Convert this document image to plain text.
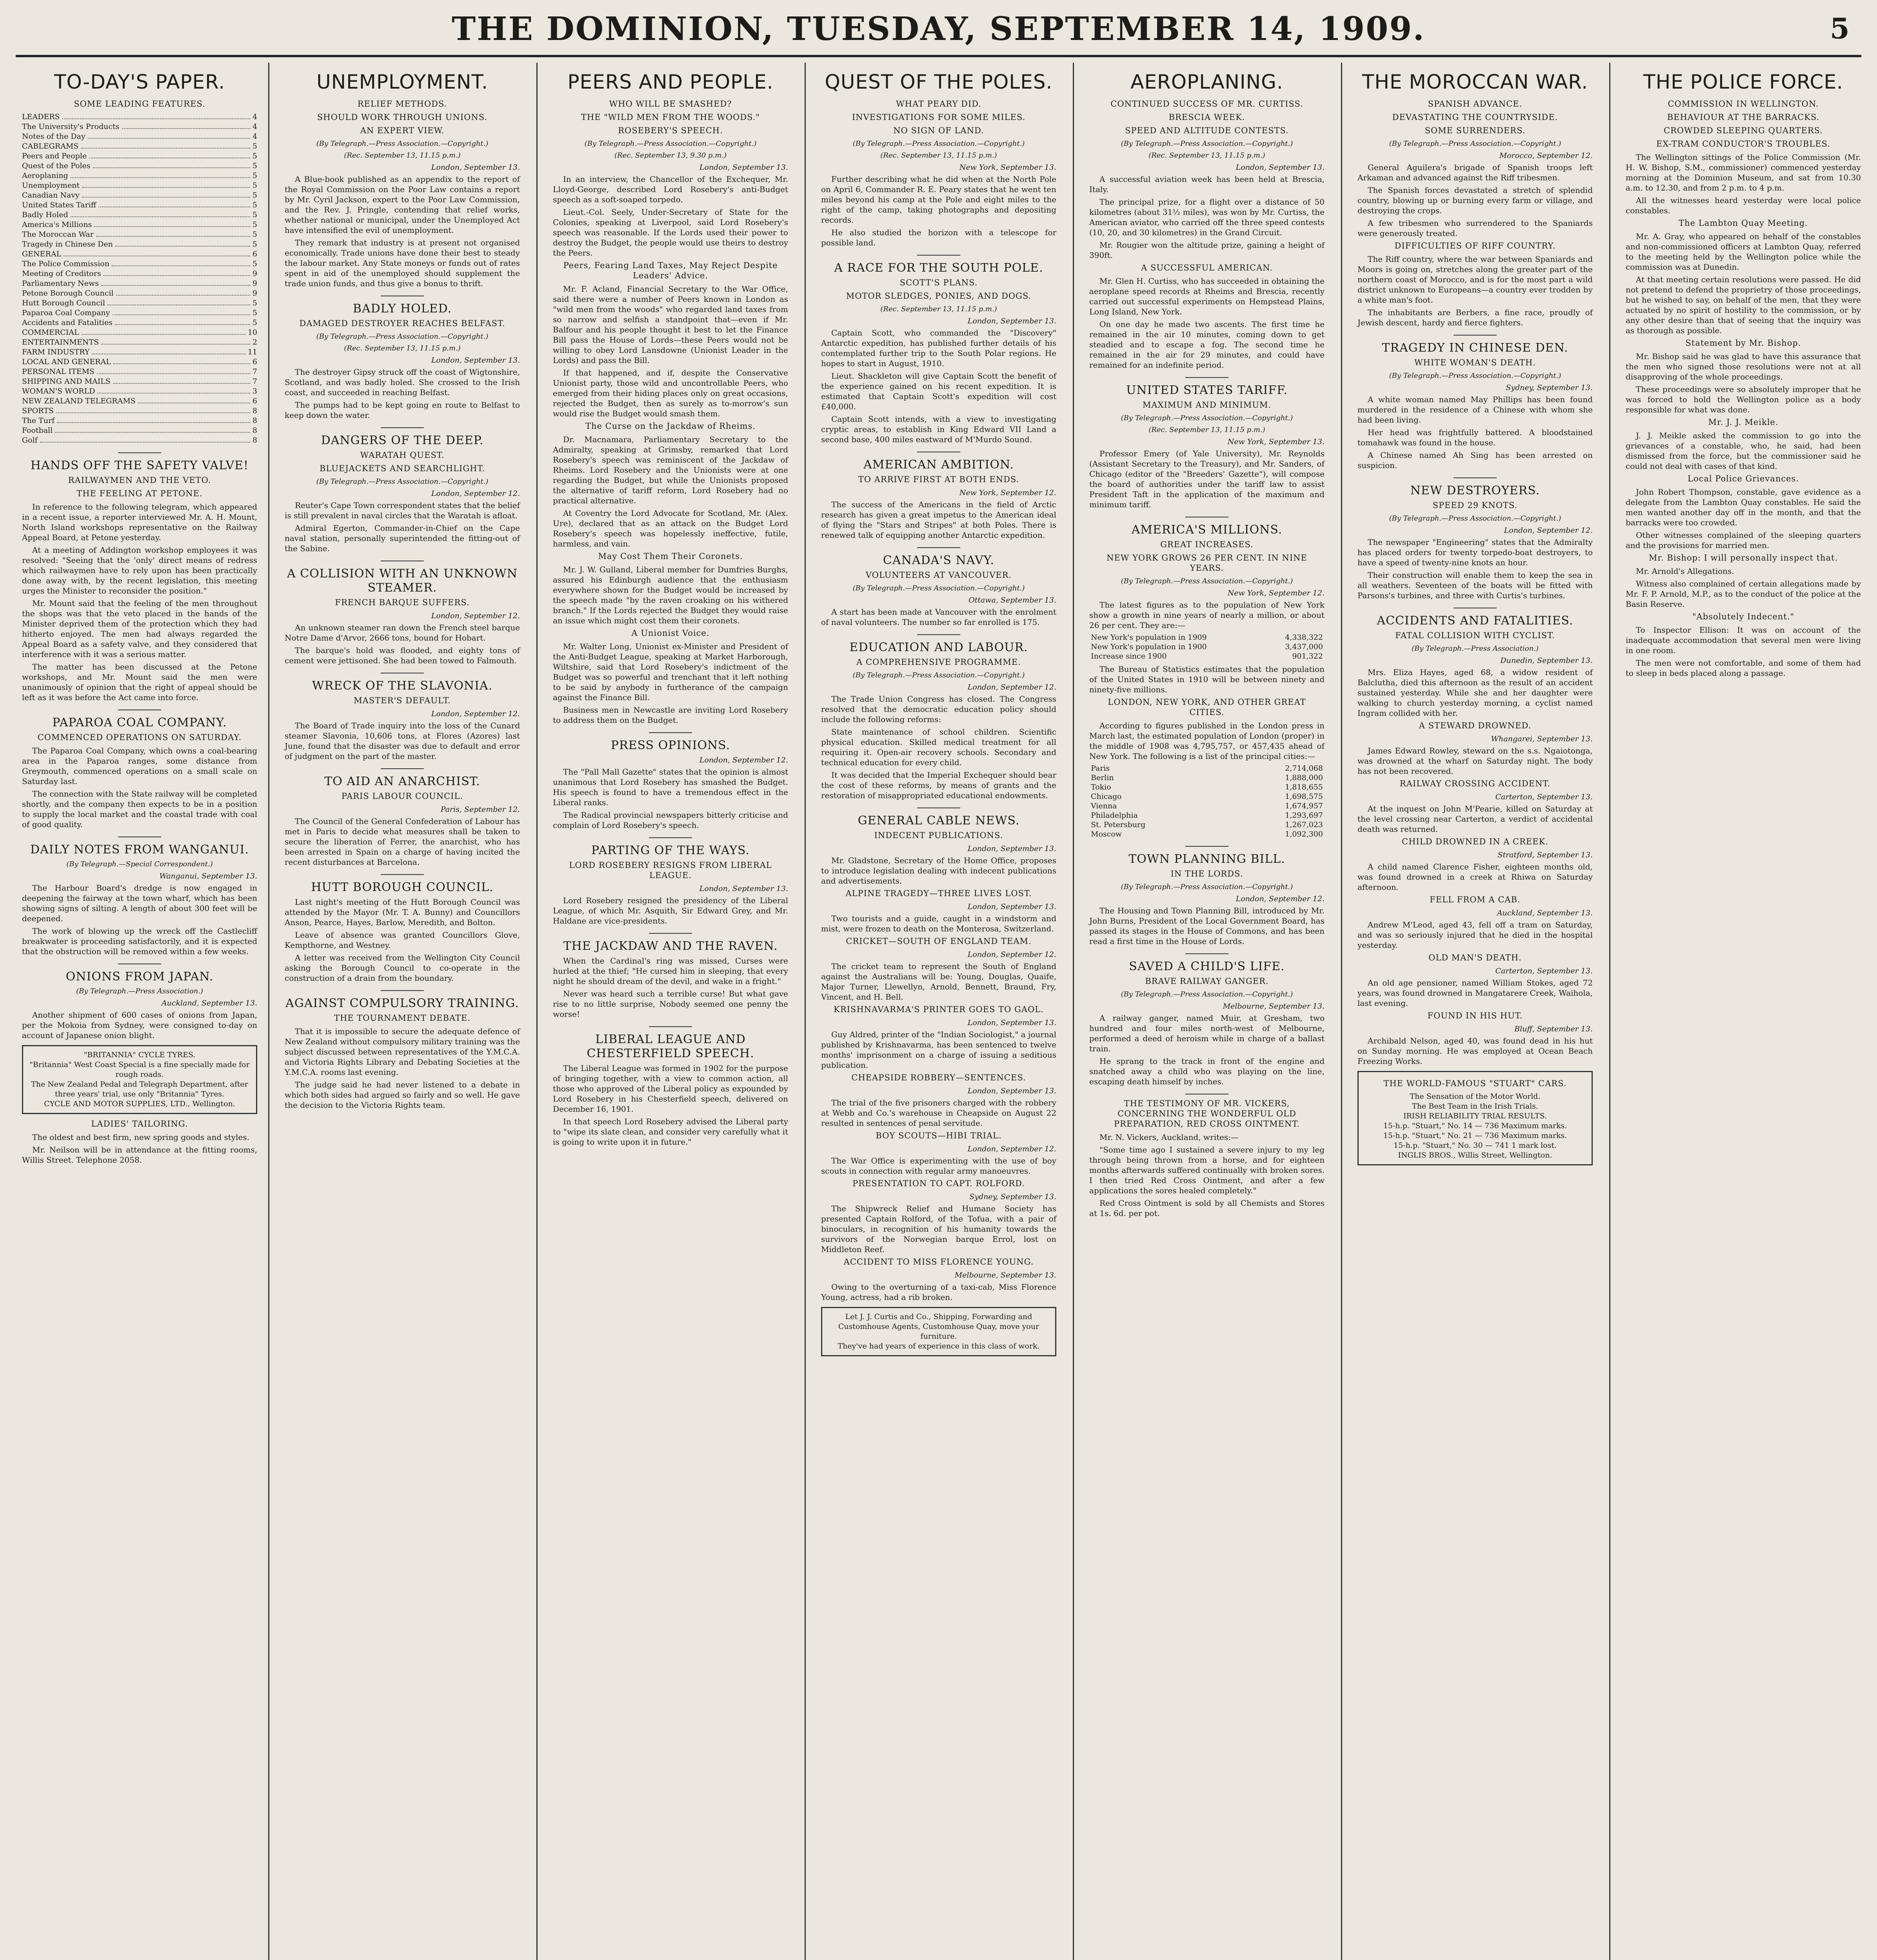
THE DOMINION, TUESDAY, SEPTEMBER 14, 1909.	5
TO-DAY'S PAPER.
SOME LEADING FEATURES.
LEADERS	4
The University's Products	4
Notes of the Day	4
CABLEGRAMS	5
Peers and People	5
Quest of the Poles	5
Aeroplaning	5
Unemployment	5
Canadian Navy	5
United States Tariff	5
Badly Holed	5
America's Millions	5
The Moroccan War	5
Tragedy in Chinese Den	5
GENERAL	6
The Police Commission	5
Meeting of Creditors	9
Parliamentary News	9
Petone Borough Council	9
Hutt Borough Council	5
Paparoa Coal Company	5
Accidents and Fatalities	5
COMMERCIAL	10
ENTERTAINMENTS	2
FARM INDUSTRY	11
LOCAL AND GENERAL	6
PERSONAL ITEMS	7
SHIPPING AND MAILS	7
WOMAN'S WORLD	3
NEW ZEALAND TELEGRAMS	6
SPORTS	8
The Turf	8
Football	8
Golf	8
HANDS OFF THE SAFETY VALVE!
RAILWAYMEN AND THE VETO.
THE FEELING AT PETONE.
In reference to the following telegram, which appeared in a recent issue, a reporter interviewed Mr. A. H. Mount, North Island workshops representative on the Railway Appeal Board, at Petone yesterday.
At a meeting of Addington workshop employees it was resolved: "Seeing that the 'only' direct means of redress which railwaymen have to rely upon has been practically done away with, by the recent legislation, this meeting urges the Minister to reconsider the position."
Mr. Mount said that the feeling of the men throughout the shops was that the veto placed in the hands of the Minister deprived them of the protection which they had hitherto enjoyed. The men had always regarded the Appeal Board as a safety valve, and they considered that interference with it was a serious matter.
The matter has been discussed at the Petone workshops, and Mr. Mount said the men were unanimously of opinion that the right of appeal should be left as it was before the Act came into force.
PAPAROA COAL COMPANY.
COMMENCED OPERATIONS ON SATURDAY.
The Paparoa Coal Company, which owns a coal-bearing area in the Paparoa ranges, some distance from Greymouth, commenced operations on a small scale on Saturday last.
The connection with the State railway will be completed shortly, and the company then expects to be in a position to supply the local market and the coastal trade with coal of good quality.
DAILY NOTES FROM WANGANUI.
(By Telegraph.—Special Correspondent.)
Wanganui, September 13.
The Harbour Board's dredge is now engaged in deepening the fairway at the town wharf, which has been showing signs of silting. A length of about 300 feet will be deepened.
The work of blowing up the wreck off the Castlecliff breakwater is proceeding satisfactorily, and it is expected that the obstruction will be removed within a few weeks.
ONIONS FROM JAPAN.
(By Telegraph.—Press Association.)
Auckland, September 13.
Another shipment of 600 cases of onions from Japan, per the Mokoia from Sydney, were consigned to-day on account of Japanese onion blight.
"BRITANNIA" CYCLE TYRES.
"Britannia" West Coast Special is a fine specially made for rough roads.
The New Zealand Pedal and Telegraph Department, after three years' trial, use only "Britannia" Tyres.
CYCLE AND MOTOR SUPPLIES, LTD., Wellington.
LADIES' TAILORING.
The oldest and best firm, new spring goods and styles.
Mr. Neilson will be in attendance at the fitting rooms, Willis Street. Telephone 2058.
UNEMPLOYMENT.
RELIEF METHODS.
SHOULD WORK THROUGH UNIONS.
AN EXPERT VIEW.
(By Telegraph.—Press Association.—Copyright.)
(Rec. September 13, 11.15 p.m.)
London, September 13.
A Blue-book published as an appendix to the report of the Royal Commission on the Poor Law contains a report by Mr. Cyril Jackson, expert to the Poor Law Commission, and the Rev. J. Pringle, contending that relief works, whether national or municipal, under the Unemployed Act have intensified the evil of unemployment.
They remark that industry is at present not organised economically. Trade unions have done their best to steady the labour market. Any State moneys or funds out of rates spent in aid of the unemployed should supplement the trade union funds, and thus give a bonus to thrift.
BADLY HOLED.
DAMAGED DESTROYER REACHES BELFAST.
(By Telegraph.—Press Association.—Copyright.)
(Rec. September 13, 11.15 p.m.)
London, September 13.
The destroyer Gipsy struck off the coast of Wigtonshire, Scotland, and was badly holed. She crossed to the Irish coast, and succeeded in reaching Belfast.
The pumps had to be kept going en route to Belfast to keep down the water.
DANGERS OF THE DEEP.
WARATAH QUEST.
BLUEJACKETS AND SEARCHLIGHT.
(By Telegraph.—Press Association.—Copyright.)
London, September 12.
Reuter's Cape Town correspondent states that the belief is still prevalent in naval circles that the Waratah is afloat.
Admiral Egerton, Commander-in-Chief on the Cape naval station, personally superintended the fitting-out of the Sabine.
A COLLISION WITH AN UNKNOWN STEAMER.
FRENCH BARQUE SUFFERS.
London, September 12.
An unknown steamer ran down the French steel barque Notre Dame d'Arvor, 2666 tons, bound for Hobart.
The barque's hold was flooded, and eighty tons of cement were jettisoned. She had been towed to Falmouth.
WRECK OF THE SLAVONIA.
MASTER'S DEFAULT.
London, September 12.
The Board of Trade inquiry into the loss of the Cunard steamer Slavonia, 10,606 tons, at Flores (Azores) last June, found that the disaster was due to default and error of judgment on the part of the master.
TO AID AN ANARCHIST.
PARIS LABOUR COUNCIL.
Paris, September 12.
The Council of the General Confederation of Labour has met in Paris to decide what measures shall be taken to secure the liberation of Ferrer, the anarchist, who has been arrested in Spain on a charge of having incited the recent disturbances at Barcelona.
HUTT BOROUGH COUNCIL.
Last night's meeting of the Hutt Borough Council was attended by the Mayor (Mr. T. A. Bunny) and Councillors Anson, Pearce, Hayes, Barlow, Meredith, and Bolton.
Leave of absence was granted Councillors Glove, Kempthorne, and Westney.
A letter was received from the Wellington City Council asking the Borough Council to co-operate in the construction of a drain from the boundary.
AGAINST COMPULSORY TRAINING.
THE TOURNAMENT DEBATE.
That it is impossible to secure the adequate defence of New Zealand without compulsory military training was the subject discussed between representatives of the Y.M.C.A. and Victoria Rights Library and Debating Societies at the Y.M.C.A. rooms last evening.
The judge said he had never listened to a debate in which both sides had argued so fairly and so well. He gave the decision to the Victoria Rights team.
PEERS AND PEOPLE.
WHO WILL BE SMASHED?
THE "WILD MEN FROM THE WOODS."
ROSEBERY'S SPEECH.
(By Telegraph.—Press Association.—Copyright.)
(Rec. September 13, 9.30 p.m.)
London, September 13.
In an interview, the Chancellor of the Exchequer, Mr. Lloyd-George, described Lord Rosebery's anti-Budget speech as a soft-soaped torpedo.
Lieut.-Col. Seely, Under-Secretary of State for the Colonies, speaking at Liverpool, said Lord Rosebery's speech was reasonable. If the Lords used their power to destroy the Budget, the people would use theirs to destroy the Peers.
Peers, Fearing Land Taxes, May Reject Despite Leaders' Advice.
Mr. F. Acland, Financial Secretary to the War Office, said there were a number of Peers known in London as "wild men from the woods" who regarded land taxes from so narrow and selfish a standpoint that—even if Mr. Balfour and his people thought it best to let the Finance Bill pass the House of Lords—these Peers would not be willing to obey Lord Lansdowne (Unionist Leader in the Lords) and pass the Bill.
If that happened, and if, despite the Conservative Unionist party, those wild and uncontrollable Peers, who emerged from their hiding places only on great occasions, rejected the Budget, then as surely as to-morrow's sun would rise the Budget would smash them.
The Curse on the Jackdaw of Rheims.
Dr. Macnamara, Parliamentary Secretary to the Admiralty, speaking at Grimsby, remarked that Lord Rosebery's speech was reminiscent of the Jackdaw of Rheims. Lord Rosebery and the Unionists were at one regarding the Budget, but while the Unionists proposed the alternative of tariff reform, Lord Rosebery had no practical alternative.
At Coventry the Lord Advocate for Scotland, Mr. (Alex. Ure), declared that as an attack on the Budget Lord Rosebery's speech was hopelessly ineffective, futile, harmless, and vain.
May Cost Them Their Coronets.
Mr. J. W. Gulland, Liberal member for Dumfries Burghs, assured his Edinburgh audience that the enthusiasm everywhere shown for the Budget would be increased by the speech made "by the raven croaking on his withered branch." If the Lords rejected the Budget they would raise an issue which might cost them their coronets.
A Unionist Voice.
Mr. Walter Long, Unionist ex-Minister and President of the Anti-Budget League, speaking at Market Harborough, Wiltshire, said that Lord Rosebery's indictment of the Budget was so powerful and trenchant that it left nothing to be said by anybody in furtherance of the campaign against the Finance Bill.
Business men in Newcastle are inviting Lord Rosebery to address them on the Budget.
PRESS OPINIONS.
London, September 12.
The "Pall Mall Gazette" states that the opinion is almost unanimous that Lord Rosebery has smashed the Budget. His speech is found to have a tremendous effect in the Liberal ranks.
The Radical provincial newspapers bitterly criticise and complain of Lord Rosebery's speech.
PARTING OF THE WAYS.
LORD ROSEBERY RESIGNS FROM LIBERAL LEAGUE.
London, September 13.
Lord Rosebery resigned the presidency of the Liberal League, of which Mr. Asquith, Sir Edward Grey, and Mr. Haldane are vice-presidents.
THE JACKDAW AND THE RAVEN.
When the Cardinal's ring was missed, Curses were hurled at the thief; "He cursed him in sleeping, that every night he should dream of the devil, and wake in a fright."
Never was heard such a terrible curse! But what gave rise to no little surprise, Nobody seemed one penny the worse!
LIBERAL LEAGUE AND CHESTERFIELD SPEECH.
The Liberal League was formed in 1902 for the purpose of bringing together, with a view to common action, all those who approved of the Liberal policy as expounded by Lord Rosebery in his Chesterfield speech, delivered on December 16, 1901.
In that speech Lord Rosebery advised the Liberal party to "wipe its slate clean, and consider very carefully what it is going to write upon it in future."
QUEST OF THE POLES.
WHAT PEARY DID.
INVESTIGATIONS FOR SOME MILES.
NO SIGN OF LAND.
(By Telegraph.—Press Association.—Copyright.)
(Rec. September 13, 11.15 p.m.)
New York, September 13.
Further describing what he did when at the North Pole on April 6, Commander R. E. Peary states that he went ten miles beyond his camp at the Pole and eight miles to the right of the camp, taking photographs and depositing records.
He also studied the horizon with a telescope for possible land.
A RACE FOR THE SOUTH POLE.
SCOTT'S PLANS.
MOTOR SLEDGES, PONIES, AND DOGS.
(Rec. September 13, 11.15 p.m.)
London, September 13.
Captain Scott, who commanded the "Discovery" Antarctic expedition, has published further details of his contemplated further trip to the South Polar regions. He hopes to start in August, 1910.
Lieut. Shackleton will give Captain Scott the benefit of the experience gained on his recent expedition. It is estimated that Captain Scott's expedition will cost £40,000.
Captain Scott intends, with a view to investigating cryptic areas, to establish in King Edward VII Land a second base, 400 miles eastward of M'Murdo Sound.
AMERICAN AMBITION.
TO ARRIVE FIRST AT BOTH ENDS.
New York, September 12.
The success of the Americans in the field of Arctic research has given a great impetus to the American ideal of flying the "Stars and Stripes" at both Poles. There is renewed talk of equipping another Antarctic expedition.
CANADA'S NAVY.
VOLUNTEERS AT VANCOUVER.
(By Telegraph.—Press Association.—Copyright.)
Ottawa, September 13.
A start has been made at Vancouver with the enrolment of naval volunteers. The number so far enrolled is 175.
EDUCATION AND LABOUR.
A COMPREHENSIVE PROGRAMME.
(By Telegraph.—Press Association.—Copyright.)
London, September 12.
The Trade Union Congress has closed. The Congress resolved that the democratic education policy should include the following reforms:
State maintenance of school children. Scientific physical education. Skilled medical treatment for all requiring it. Open-air recovery schools. Secondary and technical education for every child.
It was decided that the Imperial Exchequer should bear the cost of these reforms, by means of grants and the restoration of misappropriated educational endowments.
GENERAL CABLE NEWS.
INDECENT PUBLICATIONS.
London, September 13.
Mr. Gladstone, Secretary of the Home Office, proposes to introduce legislation dealing with indecent publications and advertisements.
ALPINE TRAGEDY—THREE LIVES LOST.
London, September 13.
Two tourists and a guide, caught in a windstorm and mist, were frozen to death on the Monterosa, Switzerland.
CRICKET—SOUTH OF ENGLAND TEAM.
London, September 12.
The cricket team to represent the South of England against the Australians will be: Young, Douglas, Quaife, Major Turner, Llewellyn, Arnold, Bennett, Braund, Fry, Vincent, and H. Bell.
KRISHNAVARMA'S PRINTER GOES TO GAOL.
London, September 13.
Guy Aldred, printer of the "Indian Sociologist," a journal published by Krishnavarma, has been sentenced to twelve months' imprisonment on a charge of issuing a seditious publication.
CHEAPSIDE ROBBERY—SENTENCES.
London, September 13.
The trial of the five prisoners charged with the robbery at Webb and Co.'s warehouse in Cheapside on August 22 resulted in sentences of penal servitude.
BOY SCOUTS—HIBI TRIAL.
London, September 12.
The War Office is experimenting with the use of boy scouts in connection with regular army manoeuvres.
PRESENTATION TO CAPT. ROLFORD.
Sydney, September 13.
The Shipwreck Relief and Humane Society has presented Captain Rolford, of the Tofua, with a pair of binoculars, in recognition of his humanity towards the survivors of the Norwegian barque Errol, lost on Middleton Reef.
ACCIDENT TO MISS FLORENCE YOUNG.
Melbourne, September 13.
Owing to the overturning of a taxi-cab, Miss Florence Young, actress, had a rib broken.
Let J. J. Curtis and Co., Shipping, Forwarding and Customhouse Agents, Customhouse Quay, move your furniture.
They've had years of experience in this class of work.
AEROPLANING.
CONTINUED SUCCESS OF MR. CURTISS.
BRESCIA WEEK.
SPEED AND ALTITUDE CONTESTS.
(By Telegraph.—Press Association.—Copyright.)
(Rec. September 13, 11.15 p.m.)
London, September 13.
A successful aviation week has been held at Brescia, Italy.
The principal prize, for a flight over a distance of 50 kilometres (about 31½ miles), was won by Mr. Curtiss, the American aviator, who carried off the three speed contests (10, 20, and 30 kilometres) in the Grand Circuit.
Mr. Rougier won the altitude prize, gaining a height of 390ft.
A SUCCESSFUL AMERICAN.
Mr. Glen H. Curtiss, who has succeeded in obtaining the aeroplane speed records at Rheims and Brescia, recently carried out successful experiments on Hempstead Plains, Long Island, New York.
On one day he made two ascents. The first time he remained in the air 10 minutes, coming down to get steadied and to escape a fog. The second time he remained in the air for 29 minutes, and could have remained for an indefinite period.
UNITED STATES TARIFF.
MAXIMUM AND MINIMUM.
(By Telegraph.—Press Association.—Copyright.)
(Rec. September 13, 11.15 p.m.)
New York, September 13.
Professor Emery (of Yale University), Mr. Reynolds (Assistant Secretary to the Treasury), and Mr. Sanders, of Chicago (editor of the "Breeders' Gazette"), will compose the board of authorities under the tariff law to assist President Taft in the application of the maximum and minimum tariff.
AMERICA'S MILLIONS.
GREAT INCREASES.
NEW YORK GROWS 26 PER CENT. IN NINE YEARS.
(By Telegraph.—Press Association.—Copyright.)
New York, September 12.
The latest figures as to the population of New York show a growth in nine years of nearly a million, or about 26 per cent. They are:—
New York's population in 1909	4,338,322
New York's population in 1900	3,437,000
Increase since 1900	901,322
The Bureau of Statistics estimates that the population of the United States in 1910 will be between ninety and ninety-five millions.
LONDON, NEW YORK, AND OTHER GREAT CITIES.
According to figures published in the London press in March last, the estimated population of London (proper) in the middle of 1908 was 4,795,757, or 457,435 ahead of New York. The following is a list of the principal cities:—
Paris	2,714,068
Berlin	1,888,000
Tokio	1,818,655
Chicago	1,698,575
Vienna	1,674,957
Philadelphia	1,293,697
St. Petersburg	1,267,023
Moscow	1,092,300
TOWN PLANNING BILL.
IN THE LORDS.
(By Telegraph.—Press Association.—Copyright.)
London, September 12.
The Housing and Town Planning Bill, introduced by Mr. John Burns, President of the Local Government Board, has passed its stages in the House of Commons, and has been read a first time in the House of Lords.
SAVED A CHILD'S LIFE.
BRAVE RAILWAY GANGER.
(By Telegraph.—Press Association.—Copyright.)
Melbourne, September 13.
A railway ganger, named Muir, at Gresham, two hundred and four miles north-west of Melbourne, performed a deed of heroism while in charge of a ballast train.
He sprang to the track in front of the engine and snatched away a child who was playing on the line, escaping death himself by inches.
THE TESTIMONY OF MR. VICKERS, CONCERNING THE WONDERFUL OLD PREPARATION, RED CROSS OINTMENT.
Mr. N. Vickers, Auckland, writes:—
"Some time ago I sustained a severe injury to my leg through being thrown from a horse, and for eighteen months afterwards suffered continually with broken sores. I then tried Red Cross Ointment, and after a few applications the sores healed completely."
Red Cross Ointment is sold by all Chemists and Stores at 1s. 6d. per pot.
THE MOROCCAN WAR.
SPANISH ADVANCE.
DEVASTATING THE COUNTRYSIDE.
SOME SURRENDERS.
(By Telegraph.—Press Association.—Copyright.)
Morocco, September 12.
General Aguilera's brigade of Spanish troops left Arkaman and advanced against the Riff tribesmen.
The Spanish forces devastated a stretch of splendid country, blowing up or burning every farm or village, and destroying the crops.
A few tribesmen who surrendered to the Spaniards were generously treated.
DIFFICULTIES OF RIFF COUNTRY.
The Riff country, where the war between Spaniards and Moors is going on, stretches along the greater part of the northern coast of Morocco, and is for the most part a wild district unknown to Europeans—a country ever trodden by a white man's foot.
The inhabitants are Berbers, a fine race, proudly of Jewish descent, hardy and fierce fighters.
TRAGEDY IN CHINESE DEN.
WHITE WOMAN'S DEATH.
(By Telegraph.—Press Association.—Copyright.)
Sydney, September 13.
A white woman named May Phillips has been found murdered in the residence of a Chinese with whom she had been living.
Her head was frightfully battered. A bloodstained tomahawk was found in the house.
A Chinese named Ah Sing has been arrested on suspicion.
NEW DESTROYERS.
SPEED 29 KNOTS.
(By Telegraph.—Press Association.—Copyright.)
London, September 12.
The newspaper "Engineering" states that the Admiralty has placed orders for twenty torpedo-boat destroyers, to have a speed of twenty-nine knots an hour.
Their construction will enable them to keep the sea in all weathers. Seventeen of the boats will be fitted with Parsons's turbines, and three with Curtis's turbines.
ACCIDENTS AND FATALITIES.
FATAL COLLISION WITH CYCLIST.
(By Telegraph.—Press Association.)
Dunedin, September 13.
Mrs. Eliza Hayes, aged 68, a widow resident of Balclutha, died this afternoon as the result of an accident sustained yesterday. While she and her daughter were walking to church yesterday morning, a cyclist named Ingram collided with her.
A STEWARD DROWNED.
Whangarei, September 13.
James Edward Rowley, steward on the s.s. Ngaiotonga, was drowned at the wharf on Saturday night. The body has not been recovered.
RAILWAY CROSSING ACCIDENT.
Carterton, September 13.
At the inquest on John M'Pearie, killed on Saturday at the level crossing near Carterton, a verdict of accidental death was returned.
CHILD DROWNED IN A CREEK.
Stratford, September 13.
A child named Clarence Fisher, eighteen months old, was found drowned in a creek at Rhiwa on Saturday afternoon.
FELL FROM A CAB.
Auckland, September 13.
Andrew M'Leod, aged 43, fell off a tram on Saturday, and was so seriously injured that he died in the hospital yesterday.
OLD MAN'S DEATH.
Carterton, September 13.
An old age pensioner, named William Stokes, aged 72 years, was found drowned in Mangatarere Creek, Waihola, last evening.
FOUND IN HIS HUT.
Bluff, September 13.
Archibald Nelson, aged 40, was found dead in his hut on Sunday morning. He was employed at Ocean Beach Freezing Works.
THE WORLD-FAMOUS "STUART" CARS.
The Sensation of the Motor World.
The Best Team in the Irish Trials.
IRISH RELIABILITY TRIAL RESULTS.
15-h.p. "Stuart," No. 14 — 736 Maximum marks.
15-h.p. "Stuart," No. 21 — 736 Maximum marks.
15-h.p. "Stuart," No. 30 — 741 1 mark lost.
INGLIS BROS., Willis Street, Wellington.
THE POLICE FORCE.
COMMISSION IN WELLINGTON.
BEHAVIOUR AT THE BARRACKS.
CROWDED SLEEPING QUARTERS.
EX-TRAM CONDUCTOR'S TROUBLES.
The Wellington sittings of the Police Commission (Mr. H. W. Bishop, S.M., commissioner) commenced yesterday morning at the Dominion Museum, and sat from 10.30 a.m. to 12.30, and from 2 p.m. to 4 p.m.
All the witnesses heard yesterday were local police constables.
The Lambton Quay Meeting.
Mr. A. Gray, who appeared on behalf of the constables and non-commissioned officers at Lambton Quay, referred to the meeting held by the Wellington police while the commission was at Dunedin.
At that meeting certain resolutions were passed. He did not pretend to defend the proprietry of those proceedings, but he wished to say, on behalf of the men, that they were actuated by no spirit of hostility to the commission, or by any other desire than that of seeing that the inquiry was as thorough as possible.
Statement by Mr. Bishop.
Mr. Bishop said he was glad to have this assurance that the men who signed those resolutions were not at all disapproving of the whole proceedings.
These proceedings were so absolutely improper that he was forced to hold the Wellington police as a body responsible for what was done.
Mr. J. J. Meikle.
J. J. Meikle asked the commission to go into the grievances of a constable, who, he said, had been dismissed from the force, but the commissioner said he could not deal with cases of that kind.
Local Police Grievances.
John Robert Thompson, constable, gave evidence as a delegate from the Lambton Quay constables. He said the men wanted another day off in the month, and that the barracks were too crowded.
Other witnesses complained of the sleeping quarters and the provisions for married men.
Mr. Bishop: I will personally inspect that.
Mr. Arnold's Allegations.
Witness also complained of certain allegations made by Mr. F. P. Arnold, M.P., as to the conduct of the police at the Basin Reserve.
"Absolutely Indecent."
To Inspector Ellison: It was on account of the inadequate accommodation that several men were living in one room.
The men were not comfortable, and some of them had to sleep in beds placed along a passage.
